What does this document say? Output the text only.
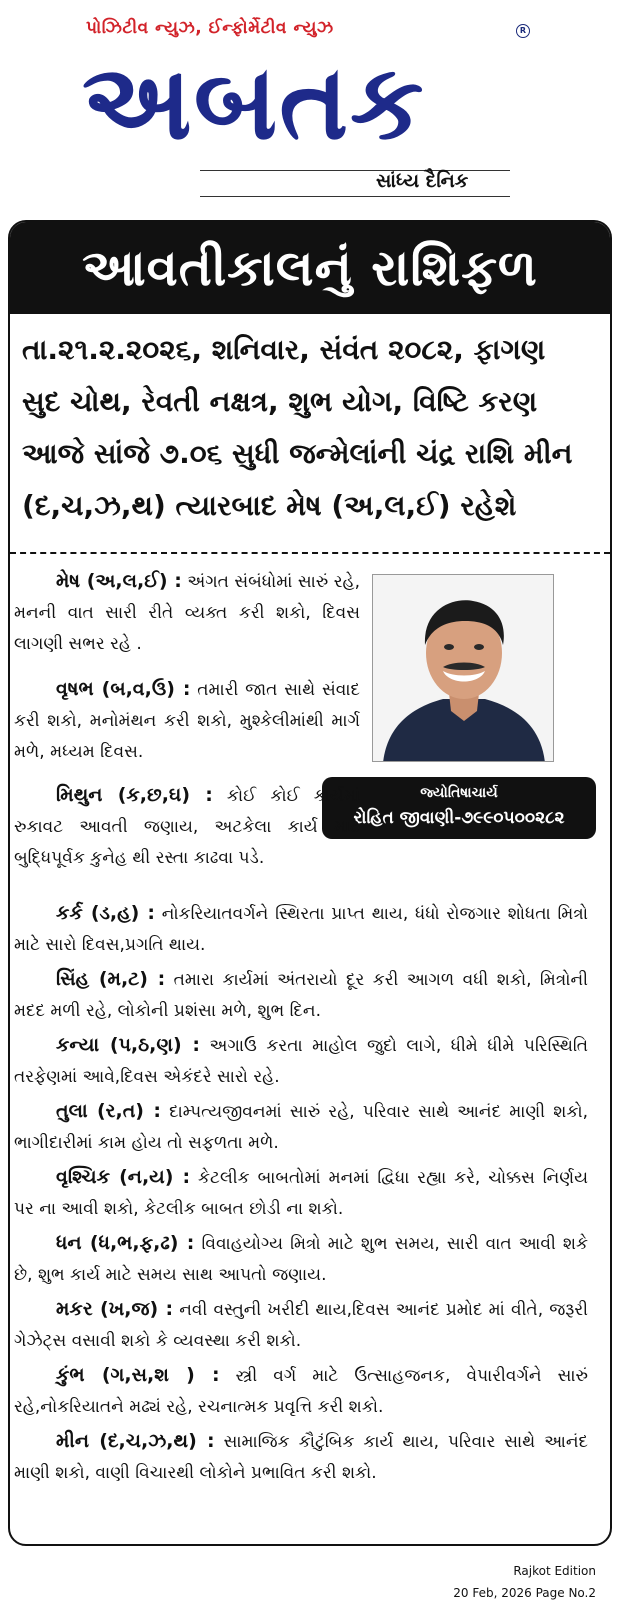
પોઝિટીવ ન્યુઝ, ઈન્ફોર્મેટીવ ન્યુઝ	R
અબતક
સાંધ્ય દૈનિક
આવતીકાલનું રાશિફળ
તા.૨૧.૨.૨૦૨૬, શનિવાર, સંવંત ૨૦૮૨, ફાગણ
સુદ ચોથ, રેવતી નક્ષત્ર, શુભ યોગ, વિષ્ટિ કરણ
આજે સાંજે ૭.૦૬ સુધી જન્મેલાંની ચંદ્ર રાશિ મીન
(દ,ચ,ઝ,થ) ત્યારબાદ મેષ (અ,લ,ઈ) રહેશે
જ્યોતિષાચાર્ય
રોહિત જીવાણી-૭૯૯૦૫૦૦૨૮૨

મેષ (અ,લ,ઈ) : અંગત સંબંધોમાં સારું રહે, મનની વાત સારી રીતે વ્યક્ત કરી શકો, દિવસ લાગણી સભર રહે .

વૃષભ (બ,વ,ઉ) : તમારી જાત સાથે સંવાદ કરી શકો, મનોમંથન કરી શકો, મુશ્કેલીમાંથી માર્ગ મળે, મધ્યમ દિવસ.

મિથુન (ક,છ,ઘ) : કોઈ કોઈ કાર્યમાં રુકાવટ આવતી જણાય, અટકેલા કાર્ય માટે બુદ્ધિપૂર્વક કુનેહ થી રસ્તા કાઢવા પડે.

કર્ક (ડ,હ) : નોકરિયાતવર્ગને સ્થિરતા પ્રાપ્ત થાય, ધંધો રોજગાર શોધતા મિત્રો માટે સારો દિવસ,પ્રગતિ થાય.

સિંહ (મ,ટ) : તમારા કાર્યમાં અંતરાયો દૂર કરી આગળ વધી શકો, મિત્રોની મદદ મળી રહે, લોકોની પ્રશંસા મળે, શુભ દિન.

કન્યા (પ,ઠ,ણ) : અગાઉ કરતા માહોલ જુદો લાગે, ધીમે ધીમે પરિસ્થિતિ તરફેણમાં આવે,દિવસ એકંદરે સારો રહે.

તુલા (ર,ત) : દામ્પત્યજીવનમાં સારું રહે, પરિવાર સાથે આનંદ માણી શકો, ભાગીદારીમાં કામ હોય તો સફળતા મળે.

વૃશ્ચિક (ન,ય) : કેટલીક બાબતોમાં મનમાં દ્વિધા રહ્યા કરે, ચોક્કસ નિર્ણય પર ના આવી શકો, કેટલીક બાબત છોડી ના શકો.

ધન (ધ,ભ,ફ,ઢ) : વિવાહયોગ્ય મિત્રો માટે શુભ સમય, સારી વાત આવી શકે છે, શુભ કાર્ય માટે સમય સાથ આપતો જણાય.

મકર (ખ,જ) : નવી વસ્તુની ખરીદી થાય,દિવસ આનંદ પ્રમોદ માં વીતે, જરૂરી ગેઝેટ્સ વસાવી શકો કે વ્યવસ્થા કરી શકો.

કુંભ (ગ,સ,શ ) : સ્ત્રી વર્ગ માટે ઉત્સાહજનક, વેપારીવર્ગને સારું રહે,નોકરિયાતને મઢ્યં રહે, રચનાત્મક પ્રવૃત્તિ કરી શકો.

મીન (દ,ચ,ઝ,થ) : સામાજિક કૌટુંબિક કાર્ય થાય, પરિવાર સાથે આનંદ માણી શકો, વાણી વિચારથી લોકોને પ્રભાવિત કરી શકો.

Rajkot Edition
20 Feb, 2026 Page No.2
